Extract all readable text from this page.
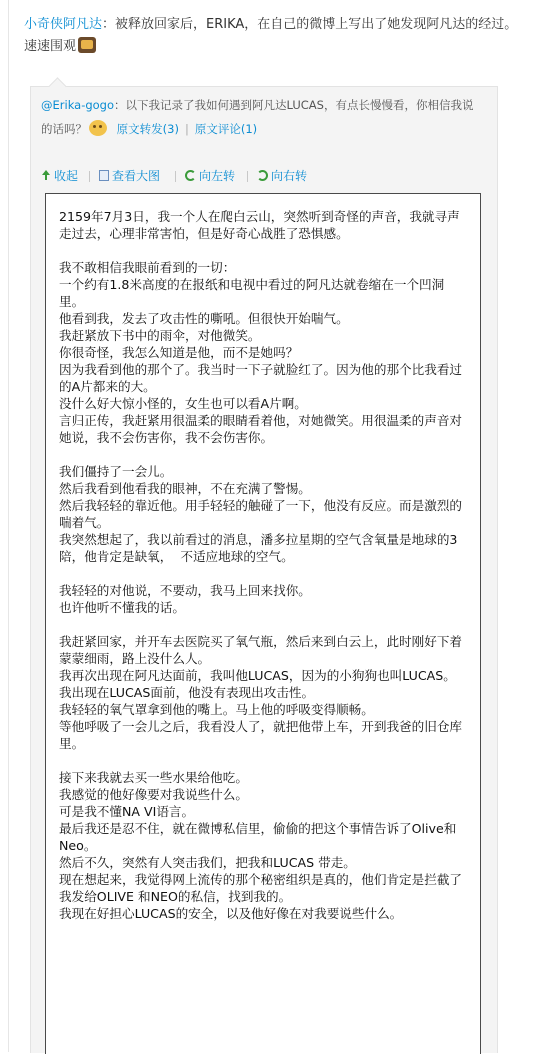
小奇侠阿凡达：被释放回家后，ERIKA，在自己的微博上写出了她发现阿凡达的经过。速速围观
@Erika-gogo：以下我记录了我如何遇到阿凡达LUCAS，有点长慢慢看，你相信我说的话吗？	原文转发(3) | 原文评论(1)
收起	查看大图	向左转	向右转

2159年7月3日，我一个人在爬白云山，突然听到奇怪的声音，我就寻声走过去，心理非常害怕，但是好奇心战胜了恐惧感。

我不敢相信我眼前看到的一切：

一个约有1.8米高度的在报纸和电视中看过的阿凡达就卷缩在一个凹洞里。

他看到我，发去了攻击性的嘶吼。但很快开始喘气。

我赶紧放下书中的雨伞，对他微笑。

你很奇怪，我怎么知道是他，而不是她吗？

因为我看到他的那个了。我当时一下子就脸红了。因为他的那个比我看过的A片都来的大。

没什么好大惊小怪的，女生也可以看A片啊。

言归正传，我赶紧用很温柔的眼睛看着他，对她微笑。用很温柔的声音对她说，我不会伤害你，我不会伤害你。

我们僵持了一会儿。

然后我看到他看我的眼神，不在充满了警惕。

然后我轻轻的靠近他。用手轻轻的触碰了一下，他没有反应。而是激烈的喘着气。

我突然想起了，我以前看过的消息，潘多拉星期的空气含氧量是地球的3陪，他肯定是缺氧，  不适应地球的空气。

我轻轻的对他说，不要动，我马上回来找你。

也许他听不懂我的话。

我赶紧回家，并开车去医院买了氧气瓶，然后来到白云上，此时刚好下着蒙蒙细雨，路上没什么人。

我再次出现在阿凡达面前，我叫他LUCAS，因为的小狗狗也叫LUCAS。

我出现在LUCAS面前，他没有表现出攻击性。

我轻轻的氧气罩拿到他的嘴上。马上他的呼吸变得顺畅。

等他呼吸了一会儿之后，我看没人了，就把他带上车，开到我爸的旧仓库里。

接下来我就去买一些水果给他吃。

我感觉的他好像要对我说些什么。

可是我不懂NA VI语言。

最后我还是忍不住，就在微博私信里，偷偷的把这个事情告诉了Olive和 Neo。

然后不久，突然有人突击我们，把我和LUCAS 带走。

现在想起来，我觉得网上流传的那个秘密组织是真的，他们肯定是拦截了我发给OLIVE 和NEO的私信，找到我的。

我现在好担心LUCAS的安全，以及他好像在对我要说些什么。
